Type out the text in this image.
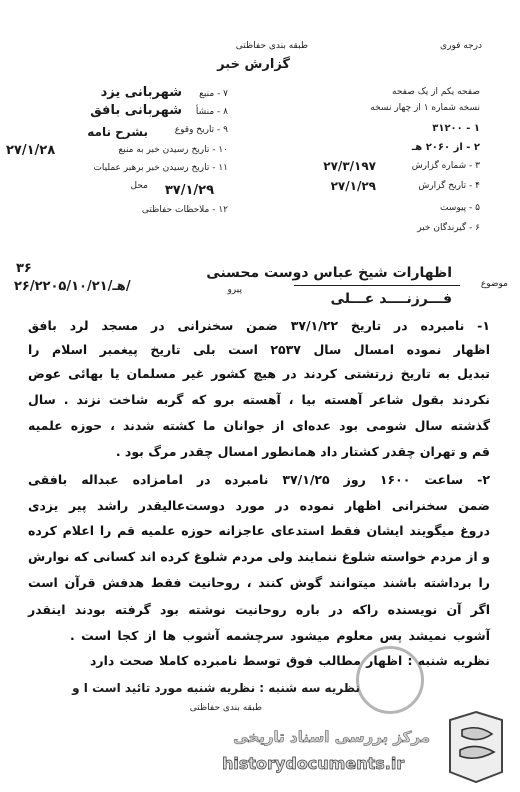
درجه فوری
طبقه بندی حفاظتی
گزارش خبر
صفحه یکم از یک صفحه
نسخه شماره ۱ از چهار نسخه
۱ - ۳۱۲۰۰
۲ - از ۲۰۶۰ هـ
۳ - شماره گزارش
۲۷/۳/۱۹۷
۴ - تاریخ گزارش
۲۷/۱/۲۹
۵ - پیوست
۶ - گیرندگان خبر
۷ - منبع
شهربانی یزد
۸ - منشأ
شهربانی بافق
۹ - تاریخ وقوع
بشرح نامه
۱۰ - تاریخ رسیدن خبر به منبع
۲۷/۱/۲۸
۱۱ - تاریخ رسیدن خبر برهبر عملیات
محل ۳۷/۱/۲۹
۱۲ - ملاحظات حفاظتی
موضوع
۳۶
۲۶/۲۲۰۵/۱۰/۲۱/هـ/
اظهارات شیخ عباس دوست محسنی
پیرو
فـــرزنــــد عـــلی
۱- نامبرده در تاریخ ۳۷/۱/۲۲ ضمن سخنرانی در مسجد لرد بافق
اظهار نموده امسال سال ۲۵۳۷ است بلی تاریخ پیغمبر اسلام را
تبدیل به تاریخ زرتشتی کردند در هیچ کشور غیر مسلمان یا بهائی عوض
نکردند بقول شاعر آهسته بیا ، آهسته برو که گربه شاخت نزند . سال
گذشته سال شومی بود عده‌ای از جوانان ما کشته شدند ، حوزه علمیه
قم و تهران چقدر کشتار داد همانطور امسال چقدر مرگ بود .
۲- ساعت ۱۶۰۰ روز ۳۷/۱/۲۵ نامبرده در امامزاده عبداله بافقی
ضمن سخنرانی اظهار نموده در مورد دوست‌عالیقدر راشد پیر یزدی
دروغ میگویند ایشان فقط استدعای عاجزانه حوزه علمیه قم را اعلام کرده
و از مردم خواسته شلوغ ننمایند ولی مردم شلوغ کرده اند کسانی که نوارش
را برداشته باشند میتوانند گوش کنند ، روحانیت فقط هدفش قرآن است
اگر آن نویسنده راکه در باره روحانیت نوشته بود گرفته بودند اینقدر
آشوب نمیشد پس معلوم میشود سرچشمه آشوب ها از کجا است .
نظریه شنبه : اظهار مطالب فوق توسط نامبرده کاملا صحت دارد
نظریه سه شنبه : نظریه شنبه مورد تائید است ا و
طبقه بندی حفاظتی
مرکز بررسی اسناد تاریخی
historydocuments.ir
